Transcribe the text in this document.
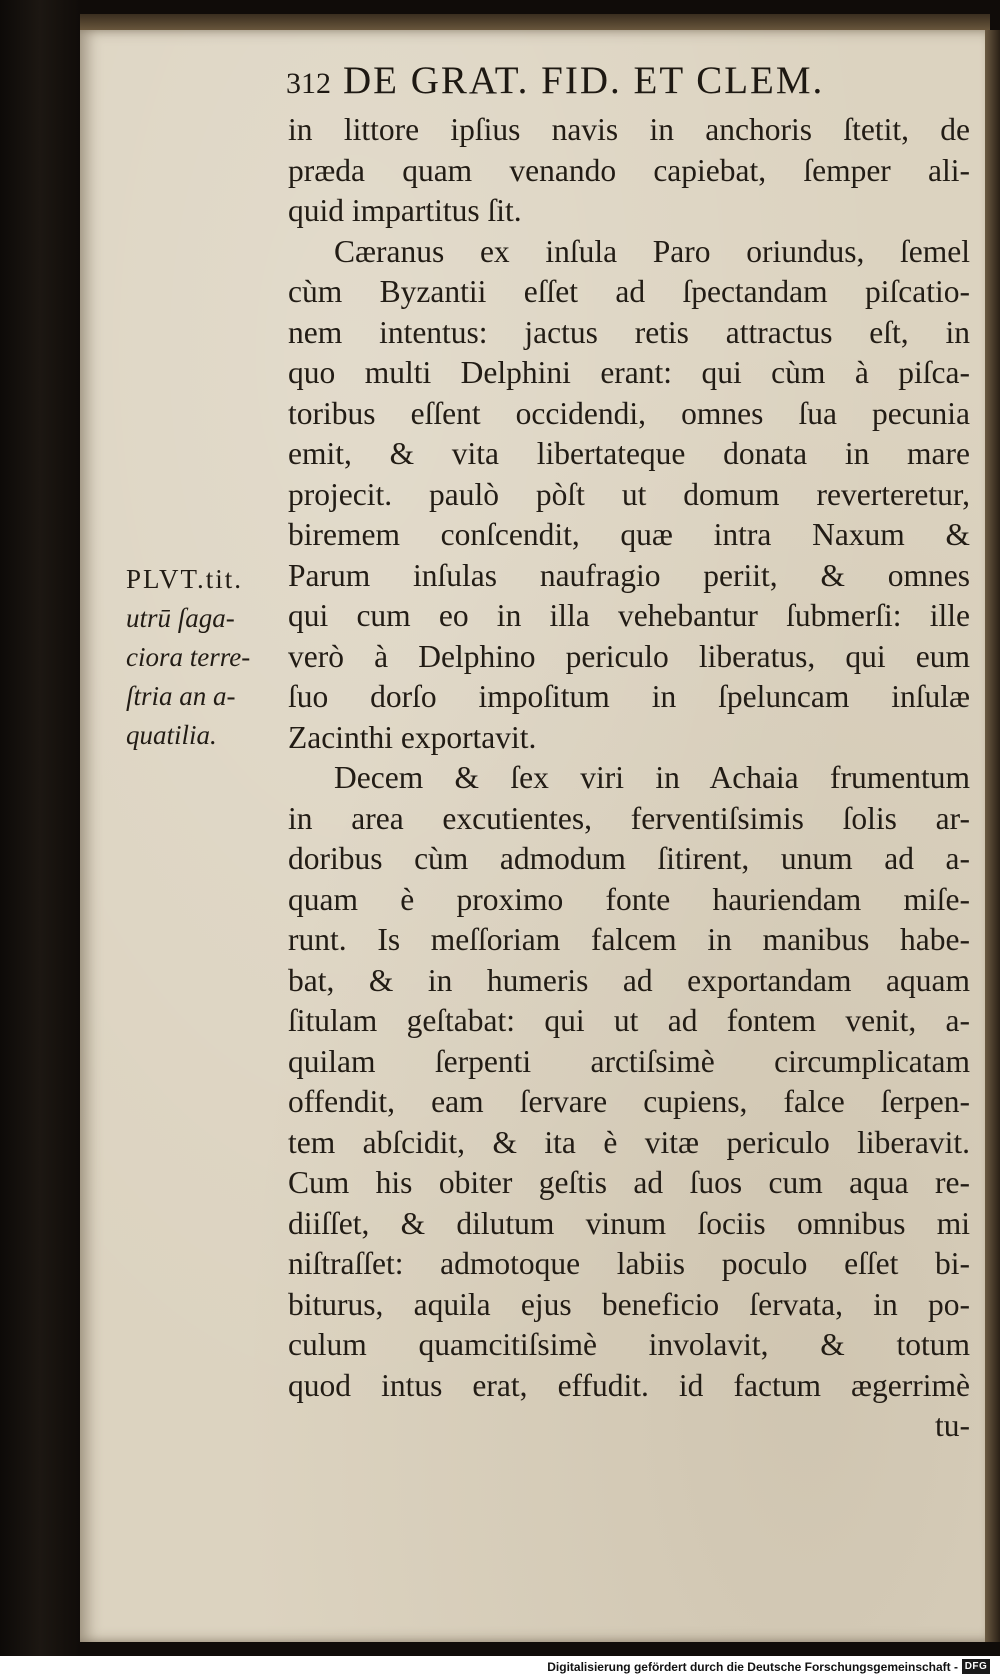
312 DE GRAT. FID. ET CLEM.
PLVT.tit.
utrū ſaga-
ciora terre-
ſtria an a-
quatilia.
in littore ipſius navis in anchoris ſtetit, de
præda quam venando capiebat, ſemper ali-
quid impartitus ſit.
Cæranus ex inſula Paro oriundus, ſemel
cùm Byzantii eſſet ad ſpectandam piſcatio-
nem intentus: jactus retis attractus eſt, in
quo multi Delphini erant: qui cùm à piſca-
toribus eſſent occidendi, omnes ſua pecunia
emit, & vita libertateque donata in mare
projecit. paulò pòſt ut domum reverteretur,
biremem conſcendit, quæ intra Naxum &
Parum inſulas naufragio periit, & omnes
qui cum eo in illa vehebantur ſubmerſi: ille
verò à Delphino periculo liberatus, qui eum
ſuo dorſo impoſitum in ſpeluncam inſulæ
Zacinthi exportavit.
Decem & ſex viri in Achaia frumentum
in area excutientes, ferventiſsimis ſolis ar-
doribus cùm admodum ſitirent, unum ad a-
quam è proximo fonte hauriendam miſe-
runt. Is meſſoriam falcem in manibus habe-
bat, & in humeris ad exportandam aquam
ſitulam geſtabat: qui ut ad fontem venit, a-
quilam ſerpenti arctiſsimè circumplicatam
offendit, eam ſervare cupiens, falce ſerpen-
tem abſcidit, & ita è vitæ periculo liberavit.
Cum his obiter geſtis ad ſuos cum aqua re-
diiſſet, & dilutum vinum ſociis omnibus mi
niſtraſſet: admotoque labiis poculo eſſet bi-
biturus, aquila ejus beneficio ſervata, in po-
culum quamcitiſsimè involavit, & totum
quod intus erat, effudit. id factum ægerrimè
tu-
Digitalisierung gefördert durch die Deutsche Forschungsgemeinschaft - DFG
